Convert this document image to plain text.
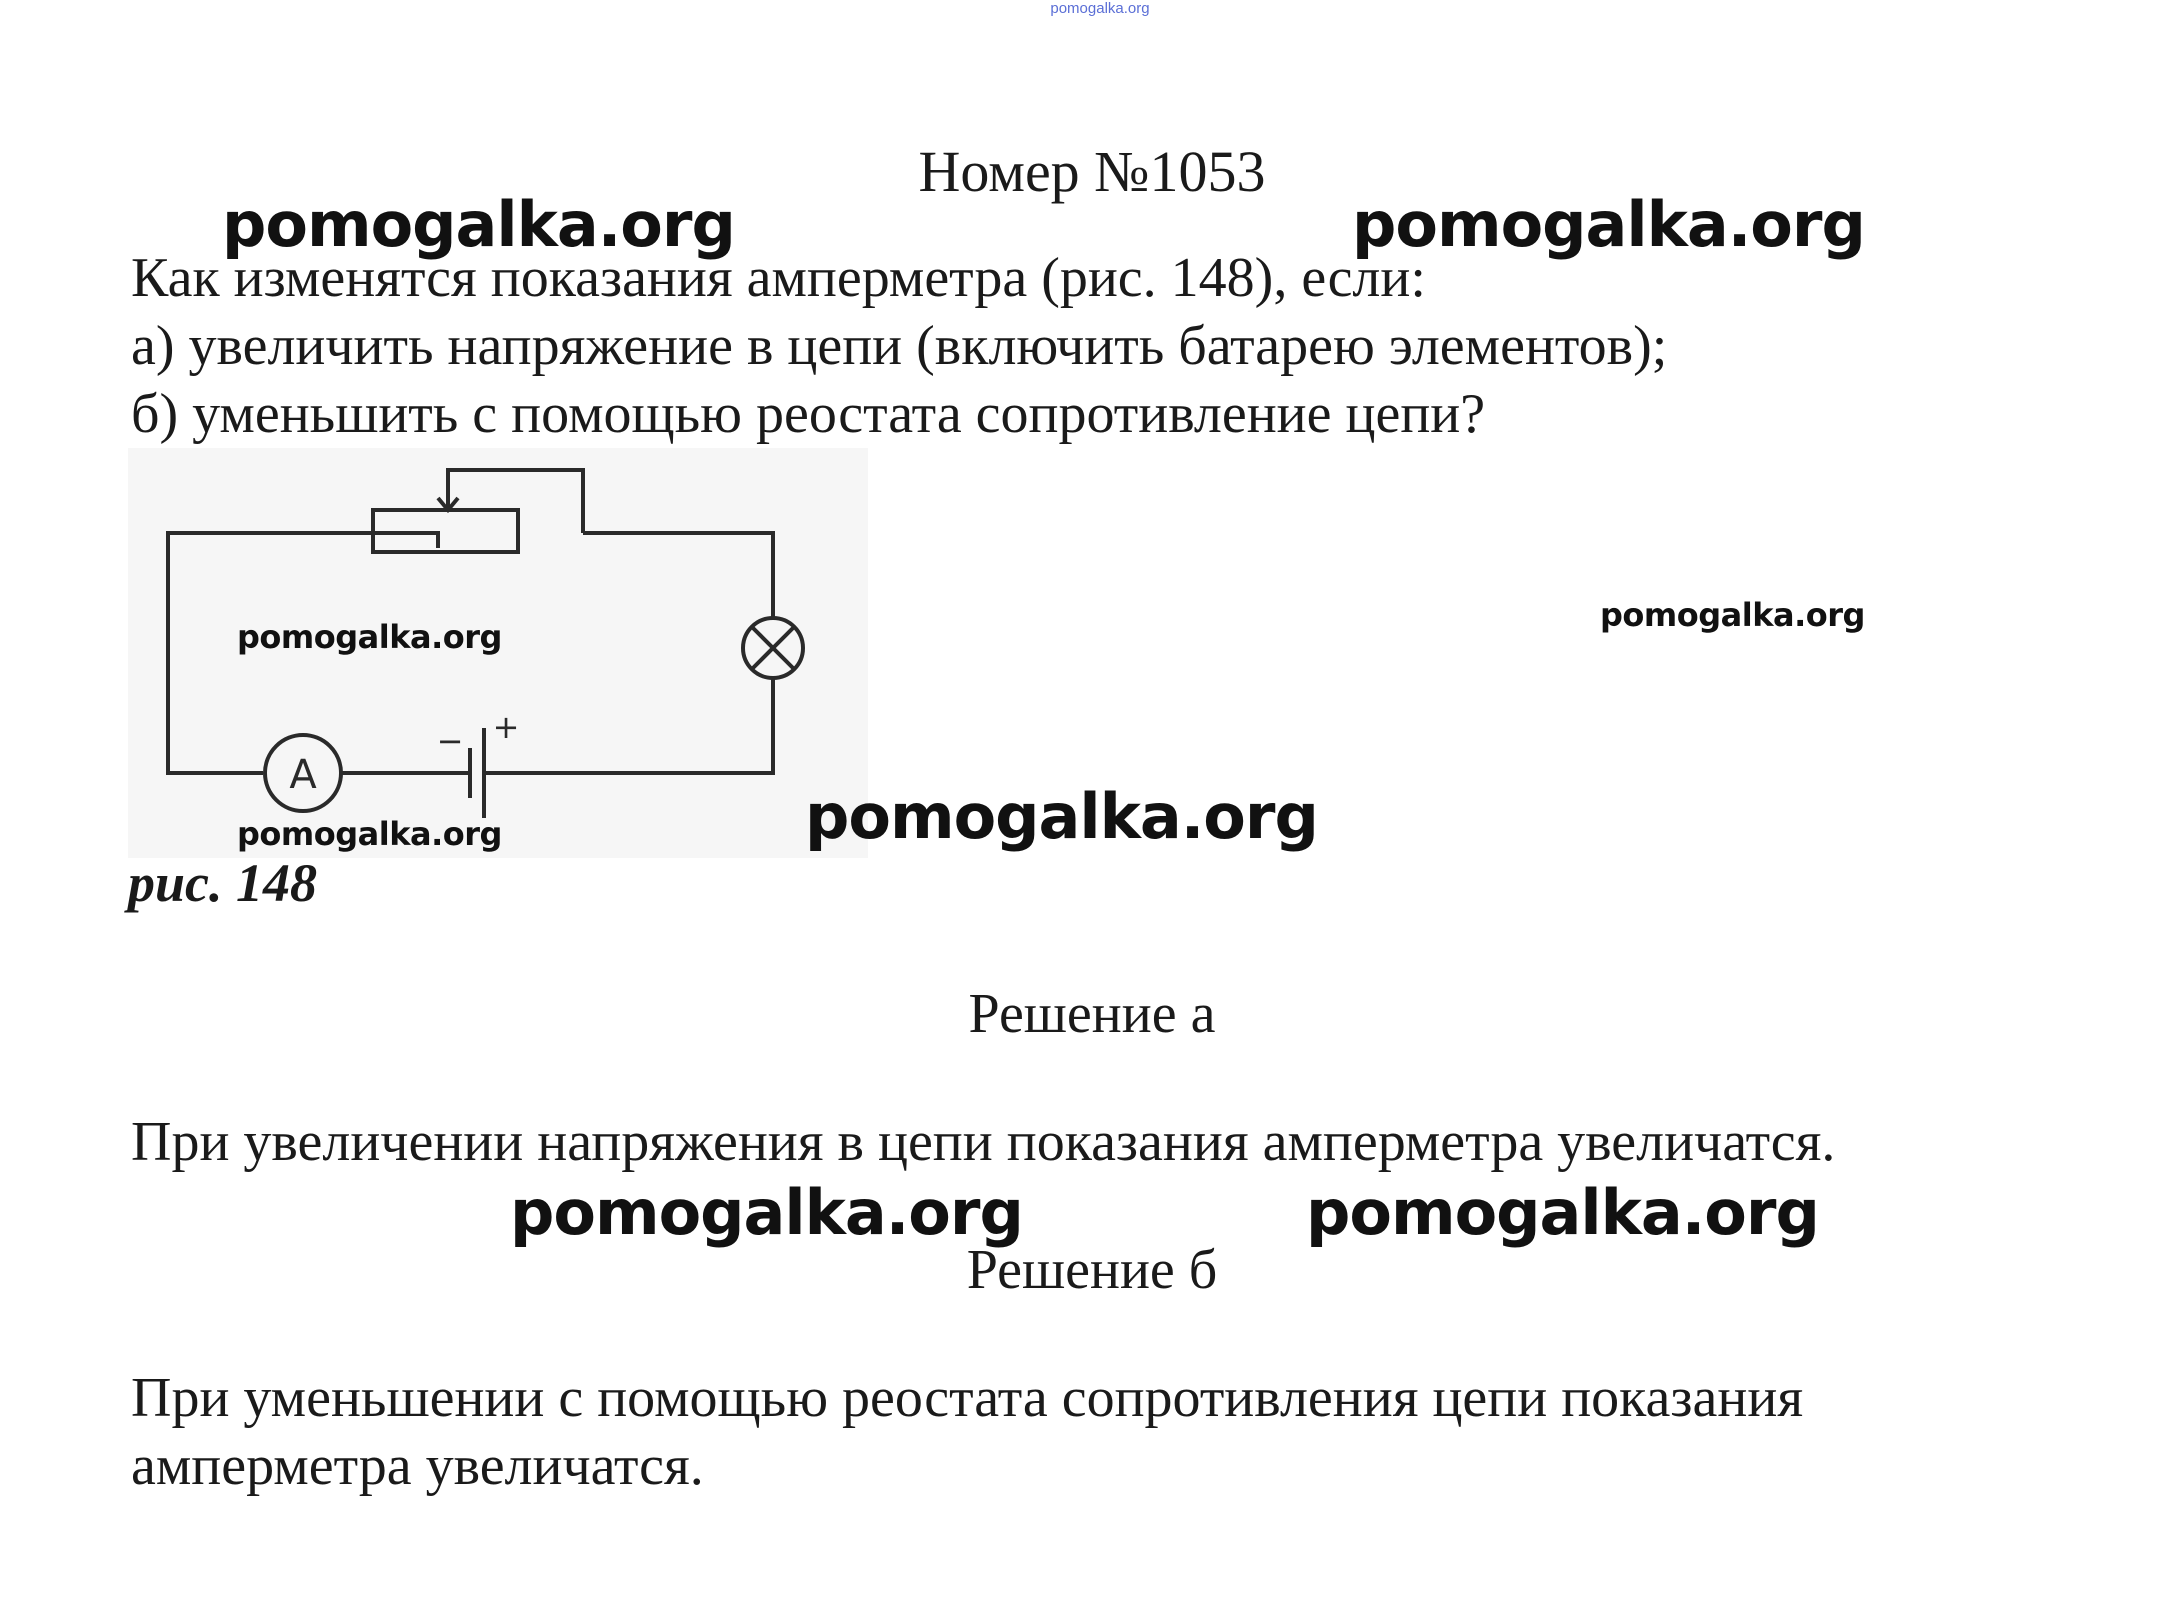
pomogalka.org
Номер №1053
Как изменятся показания амперметра (рис. 148), если:
а) увеличить напряжение в цепи (включить батарею элементов);
б) уменьшить с помощью реостата сопротивление цепи?
A
− +
рис. 148
Решение а
При увеличении напряжения в цепи показания амперметра увеличатся.
Решение б
При уменьшении с помощью реостата сопротивления цепи показания
амперметра увеличатся.
pomogalka.org	pomogalka.org
pomogalka.org
pomogalka.org
pomogalka.org	pomogalka.org
pomogalka.org	pomogalka.org
